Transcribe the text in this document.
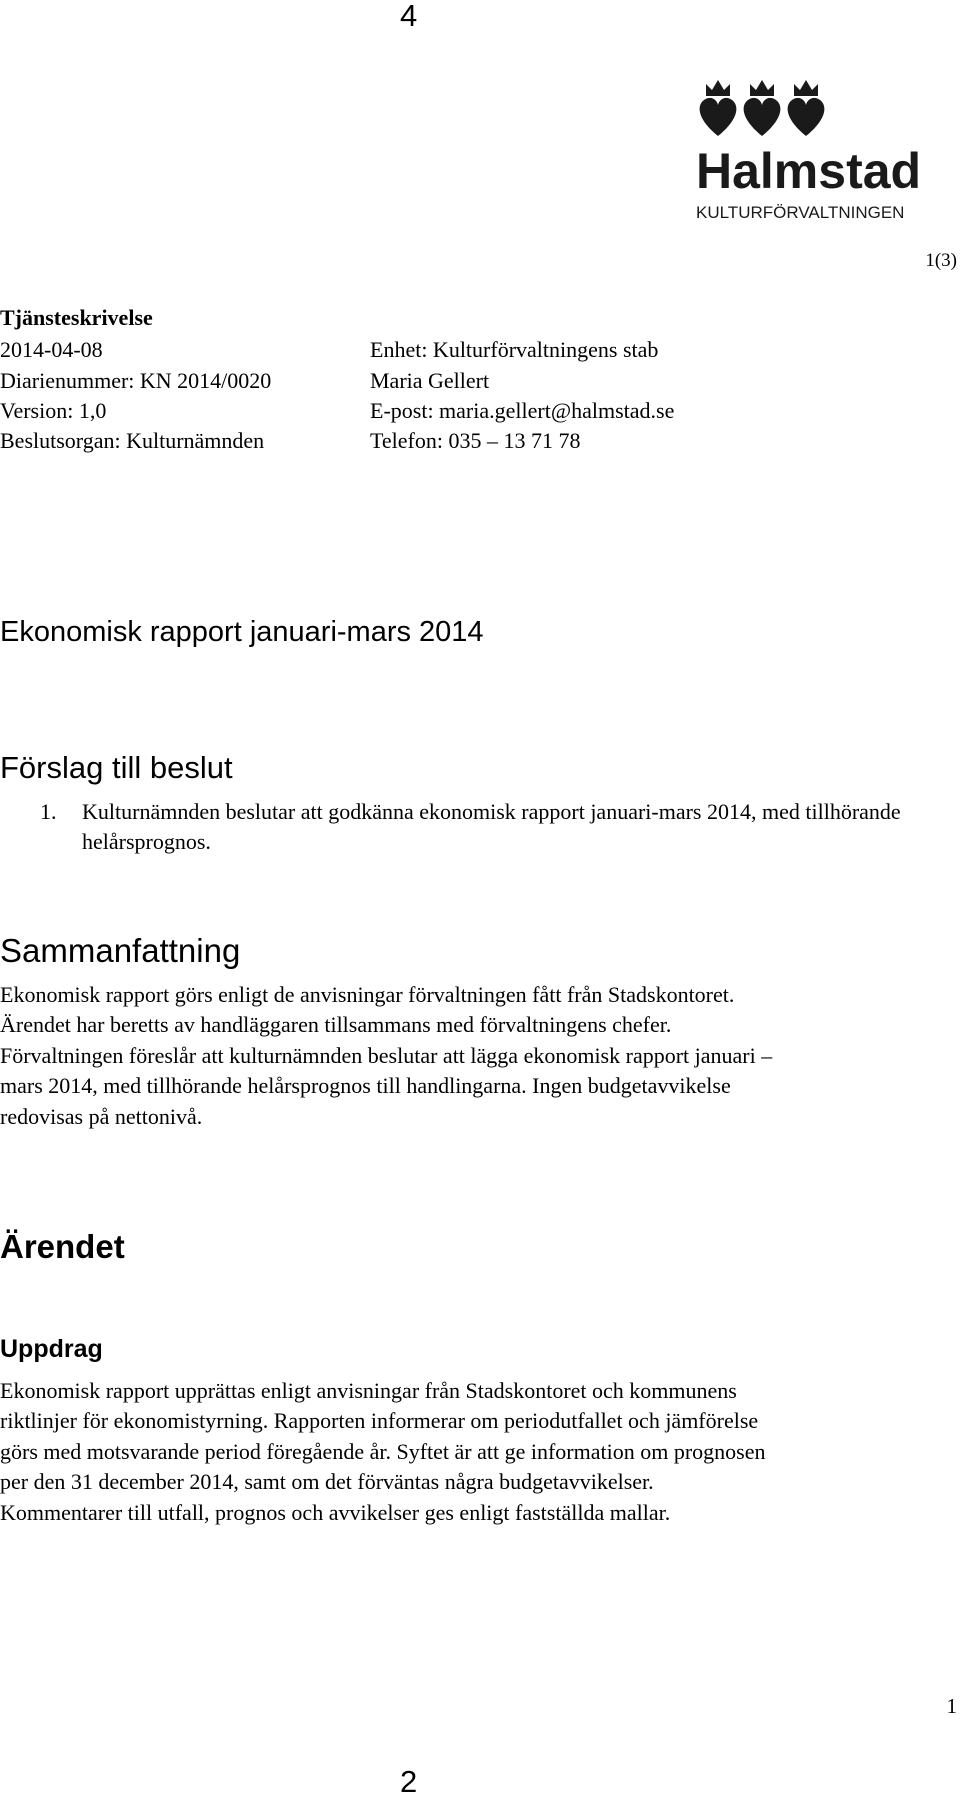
4
Halmstad
KULTURFÖRVALTNINGEN
1(3)
Tjänsteskrivelse
2014-04-08	Enhet: Kulturförvaltningens stab
Diarienummer: KN 2014/0020	Maria Gellert
Version: 1,0	E-post: maria.gellert@halmstad.se
Beslutsorgan: Kulturnämnden	Telefon: 035 – 13 71 78
Ekonomisk rapport januari-mars 2014
Förslag till beslut
1. Kulturnämnden beslutar att godkänna ekonomisk rapport januari-mars 2014, med tillhörande helårsprognos.
Sammanfattning
Ekonomisk rapport görs enligt de anvisningar förvaltningen fått från Stadskontoret.
Ärendet har beretts av handläggaren tillsammans med förvaltningens chefer.
Förvaltningen föreslår att kulturnämnden beslutar att lägga ekonomisk rapport januari –
mars 2014, med tillhörande helårsprognos till handlingarna. Ingen budgetavvikelse
redovisas på nettonivå.
Ärendet
Uppdrag
Ekonomisk rapport upprättas enligt anvisningar från Stadskontoret och kommunens
riktlinjer för ekonomistyrning. Rapporten informerar om periodutfallet och jämförelse
görs med motsvarande period föregående år. Syftet är att ge information om prognosen
per den 31 december 2014, samt om det förväntas några budgetavvikelser.
Kommentarer till utfall, prognos och avvikelser ges enligt fastställda mallar.
1
2
